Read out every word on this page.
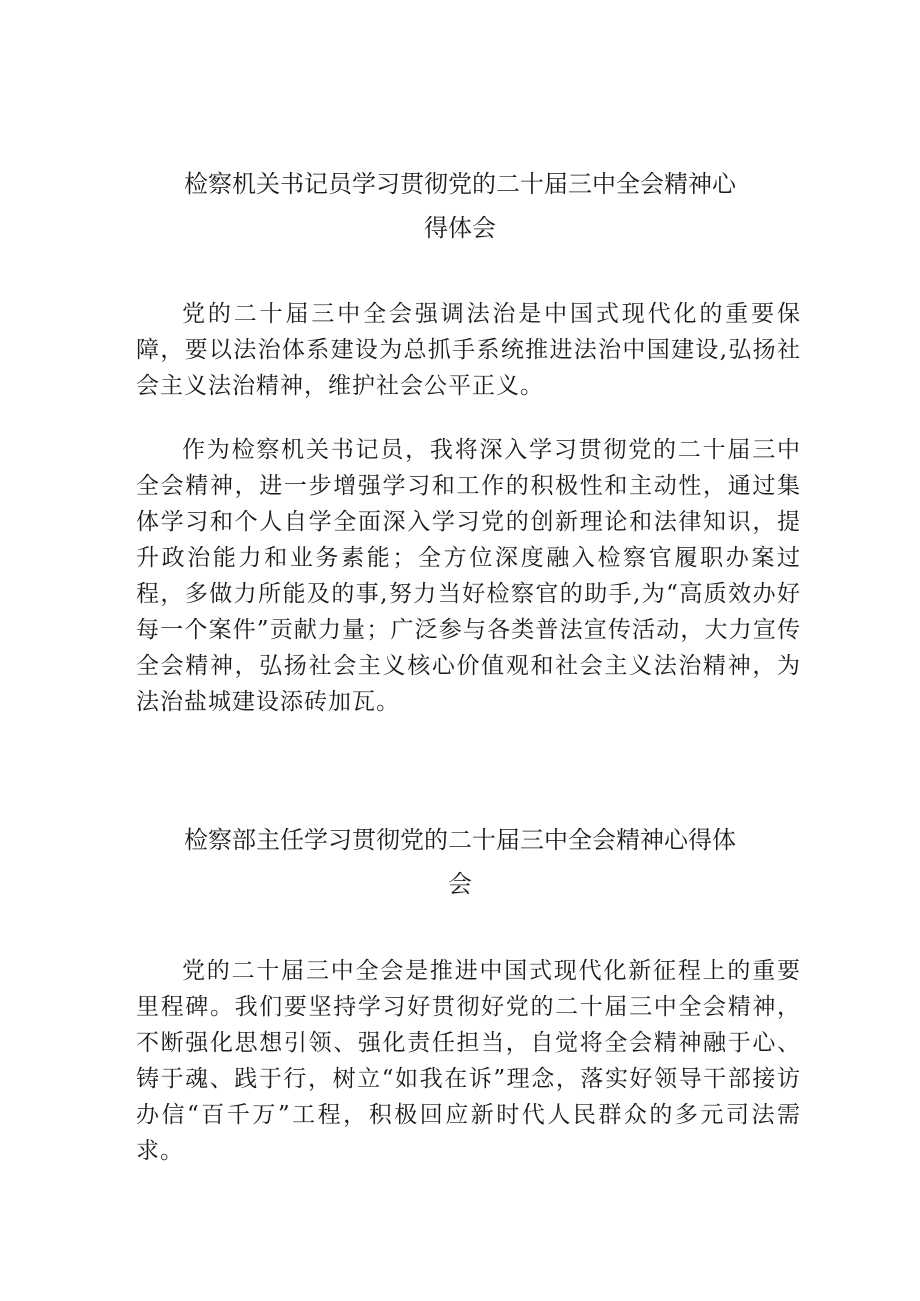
检察机关书记员学习贯彻党的二十届三中全会精神心
得体会

党的二十届三中全会强调法治是中国式现代化的重要保障，要以法治体系建设为总抓手系统推进法治中国建设,弘扬社会主义法治精神，维护社会公平正义。

作为检察机关书记员，我将深入学习贯彻党的二十届三中全会精神，进一步增强学习和工作的积极性和主动性，通过集体学习和个人自学全面深入学习党的创新理论和法律知识，提升政治能力和业务素能；全方位深度融入检察官履职办案过程，多做力所能及的事,努力当好检察官的助手,为“高质效办好每一个案件”贡献力量；广泛参与各类普法宣传活动，大力宣传全会精神，弘扬社会主义核心价值观和社会主义法治精神，为法治盐城建设添砖加瓦。

检察部主任学习贯彻党的二十届三中全会精神心得体
会

党的二十届三中全会是推进中国式现代化新征程上的重要里程碑。我们要坚持学习好贯彻好党的二十届三中全会精神，不断强化思想引领、强化责任担当，自觉将全会精神融于心、铸于魂、践于行，树立“如我在诉”理念，落实好领导干部接访办信“百千万”工程，积极回应新时代人民群众的多元司法需求。
